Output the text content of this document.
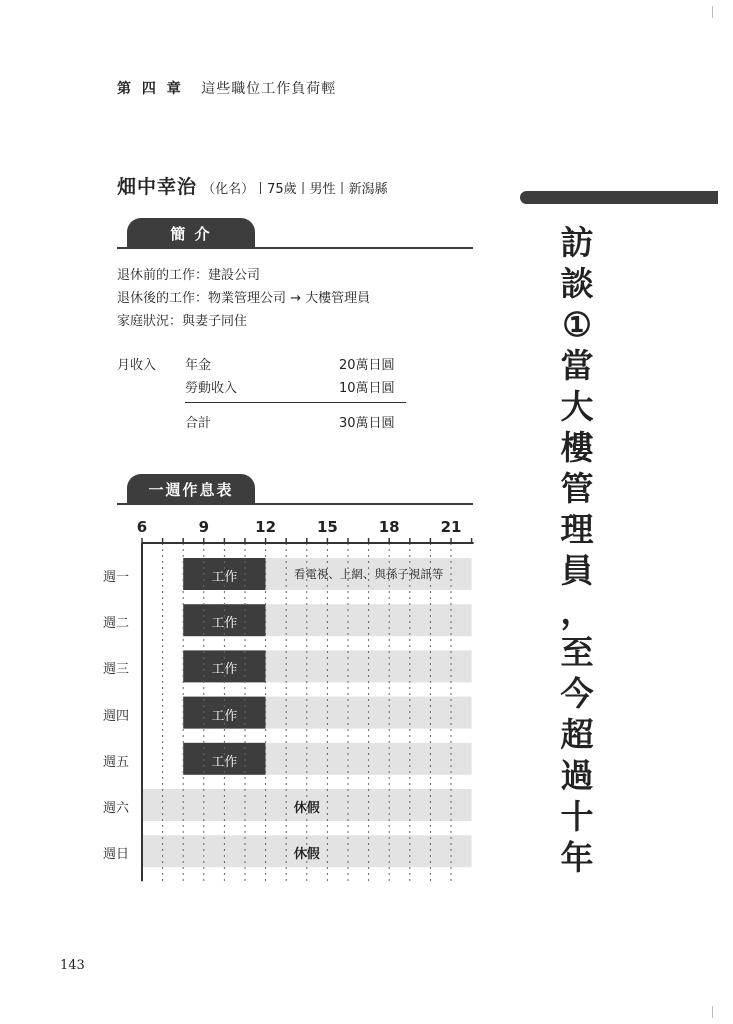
第 四 章 這些職位工作負荷輕
畑中幸治 （化名）丨75歲丨男性丨新潟縣
簡 介
退休前的工作：建設公司
退休後的工作：物業管理公司 → 大樓管理員
家庭狀況：與妻子同住
月收入 年金	20萬日圓
勞動收入	10萬日圓
合計	30萬日圓
一週作息表
6	9	12	15	18	21
週一	工作	看電視、上網、與孫子視訊等
週二	工作
週三	工作
週四	工作
週五	工作
週六	休假
週日	休假
訪
談
①
當
大
樓
管
理
員
，
至
今
超
過
十
年
143
